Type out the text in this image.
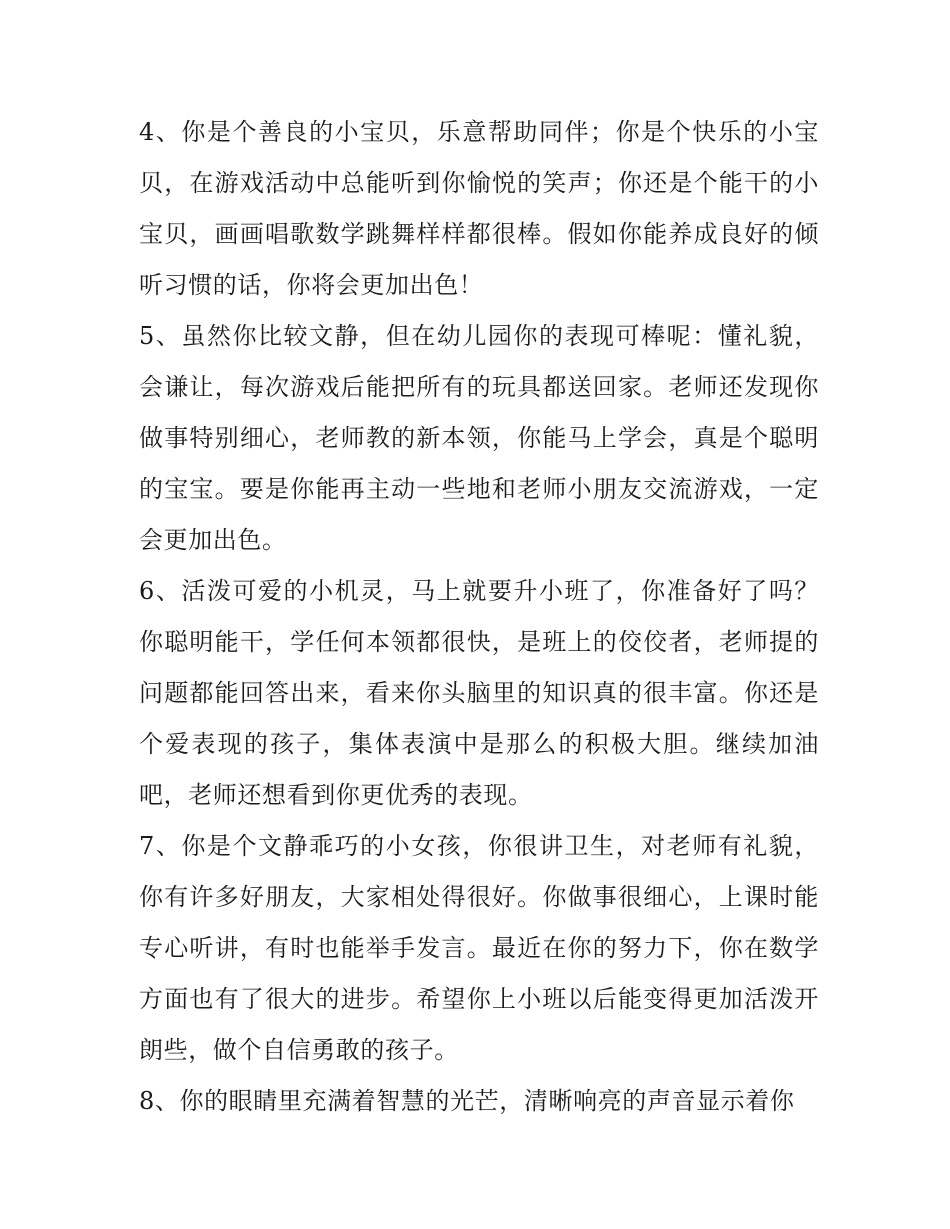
4、你是个善良的小宝贝，乐意帮助同伴；你是个快乐的小宝贝，在游戏活动中总能听到你愉悦的笑声；你还是个能干的小宝贝，画画唱歌数学跳舞样样都很棒。假如你能养成良好的倾听习惯的话，你将会更加出色！

5、虽然你比较文静，但在幼儿园你的表现可棒呢：懂礼貌，会谦让，每次游戏后能把所有的玩具都送回家。老师还发现你做事特别细心，老师教的新本领，你能马上学会，真是个聪明的宝宝。要是你能再主动一些地和老师小朋友交流游戏，一定会更加出色。

6、活泼可爱的小机灵，马上就要升小班了，你准备好了吗？你聪明能干，学任何本领都很快，是班上的佼佼者，老师提的问题都能回答出来，看来你头脑里的知识真的很丰富。你还是个爱表现的孩子，集体表演中是那么的积极大胆。继续加油吧，老师还想看到你更优秀的表现。

7、你是个文静乖巧的小女孩，你很讲卫生，对老师有礼貌，你有许多好朋友，大家相处得很好。你做事很细心，上课时能专心听讲，有时也能举手发言。最近在你的努力下，你在数学方面也有了很大的进步。希望你上小班以后能变得更加活泼开朗些，做个自信勇敢的孩子。

8、你的眼睛里充满着智慧的光芒，清晰响亮的声音显示着你
